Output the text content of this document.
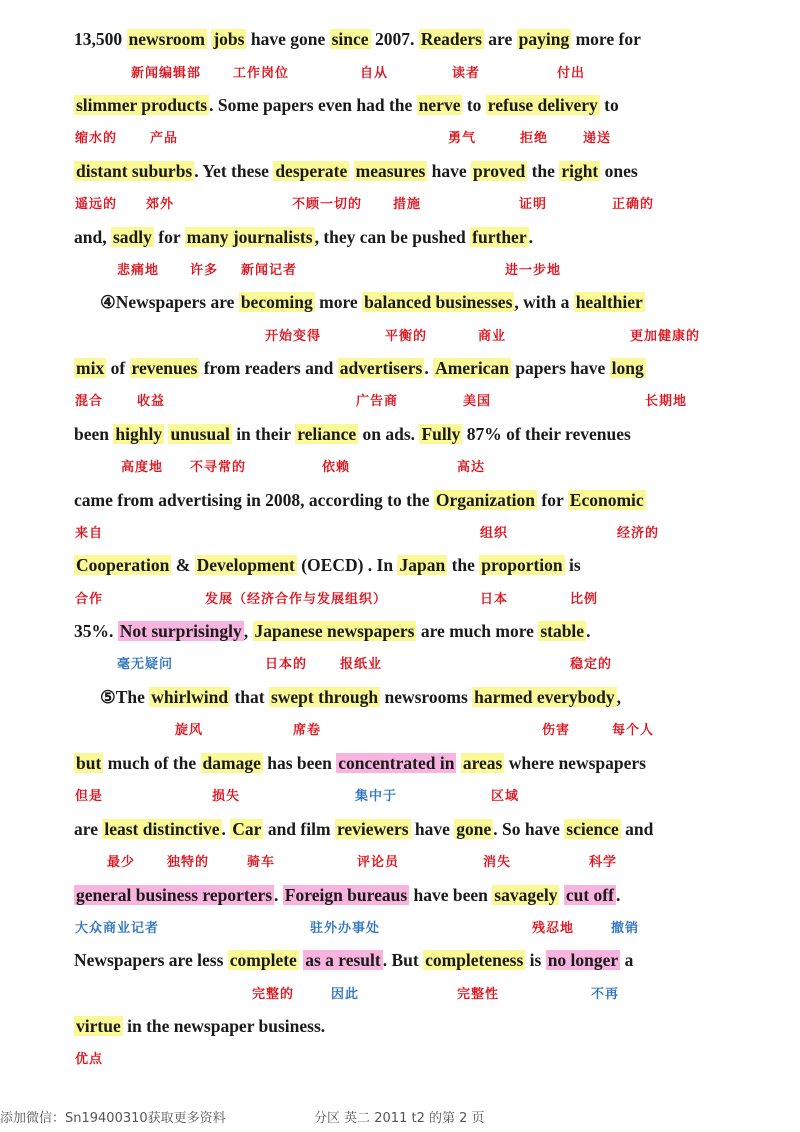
13,500 newsroom jobs have gone since 2007. Readers are paying more for
slimmer products . Some papers even had the nerve to refuse delivery to
distant suburbs . Yet these desperate measures have proved the right ones
and, sadly for many journalists , they can be pushed further .
④Newspapers are becoming more balanced businesses , with a healthier
mix of revenues from readers and advertisers . American papers have long
been highly unusual in their reliance on ads. Fully 87% of their revenues
came from advertising in 2008, according to the Organization for Economic
Cooperation & Development (OECD) . In Japan the proportion is
35%. Not surprisingly , Japanese newspapers are much more stable .
⑤The whirlwind that swept through newsrooms harmed everybody ,
but much of the damage has been concentrated in areas where newspapers
are least distinctive . Car and film reviewers have gone . So have science and
general business reporters . Foreign bureaus have been savagely cut off .
Newspapers are less complete as a result . But completeness is no longer a
virtue in the newspaper business.
新闻编辑部 工作岗位	自从	读者	付出
缩水的	产品	勇气	拒绝	递送
遥远的 郊外	不顾一切的 措施	证明	正确的
悲痛地 许多 新闻记者	进一步地
开始变得	平衡的	商业	更加健康的
混合	收益	广告商	美国	长期地
高度地 不寻常的	依赖	高达
来自	组织	经济的
合作	发展（经济合作与发展组织）	日本	比例
毫无疑问	日本的	报纸业	稳定的
旋风	席卷	伤害	每个人
但是	损失	集中于	区域
最少 独特的	骑车	评论员	消失	科学
大众商业记者	驻外办事处	残忍地	撤销
完整的	因此	完整性	不再
优点
添加微信：Sn19400310获取更多资料	分区 英二 2011 t2 的第 2 页
